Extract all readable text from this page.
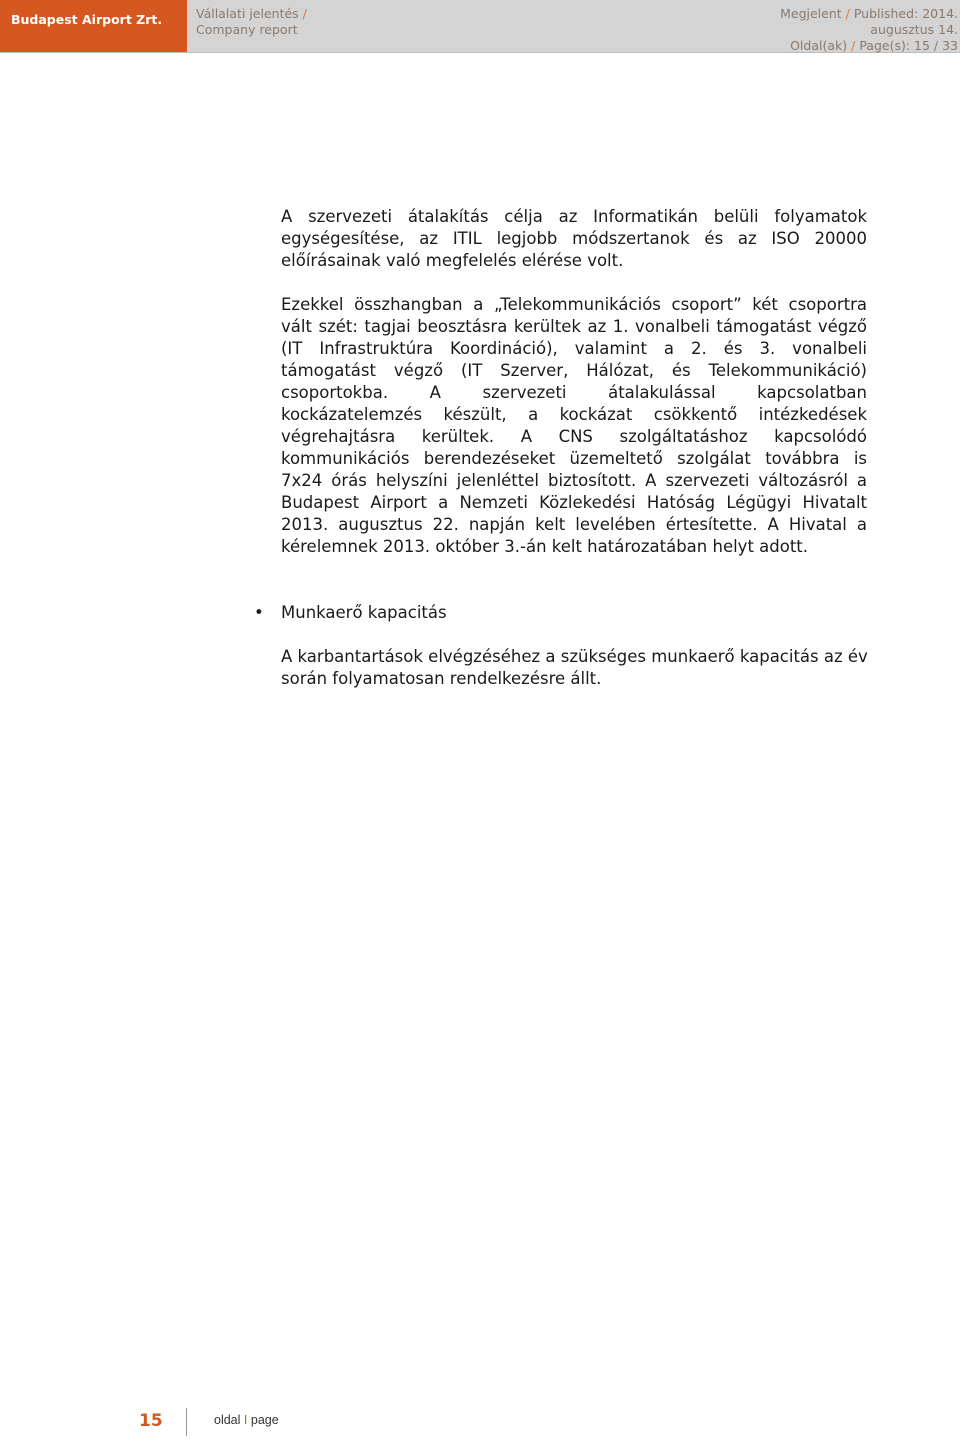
Budapest Airport Zrt.	Vállalati jelentés /
Company report
Megjelent / Published: 2014.
augusztus 14.
Oldal(ak) / Page(s): 15 / 33

A szervezeti átalakítás célja az Informatikán belüli folyamatok egységesítése, az ITIL legjobb módszertanok és az ISO 20000 előírásainak való megfelelés elérése volt.

Ezekkel összhangban a „Telekommunikációs csoport” két csoportra vált szét: tagjai beosztásra kerültek az 1. vonalbeli támogatást végző (IT Infrastruktúra Koordináció), valamint a 2. és 3. vonalbeli támogatást végző (IT Szerver, Hálózat, és Telekommunikáció) csoportokba. A szervezeti átalakulással kapcsolatban kockázatelemzés készült, a kockázat csökkentő intézkedések végrehajtásra kerültek. A CNS szolgáltatáshoz kapcsolódó kommunikációs berendezéseket üzemeltető szolgálat továbbra is 7x24 órás helyszíni jelenléttel biztosított. A szervezeti változásról a Budapest Airport a Nemzeti Közlekedési Hatóság Légügyi Hivatalt 2013. augusztus 22. napján kelt levelében értesítette. A Hivatal a kérelemnek 2013. október 3.-án kelt határozatában helyt adott.

•	Munkaerő kapacitás

A karbantartások elvégzéséhez a szükséges munkaerő kapacitás az év során folyamatosan rendelkezésre állt.

15	oldal I page
